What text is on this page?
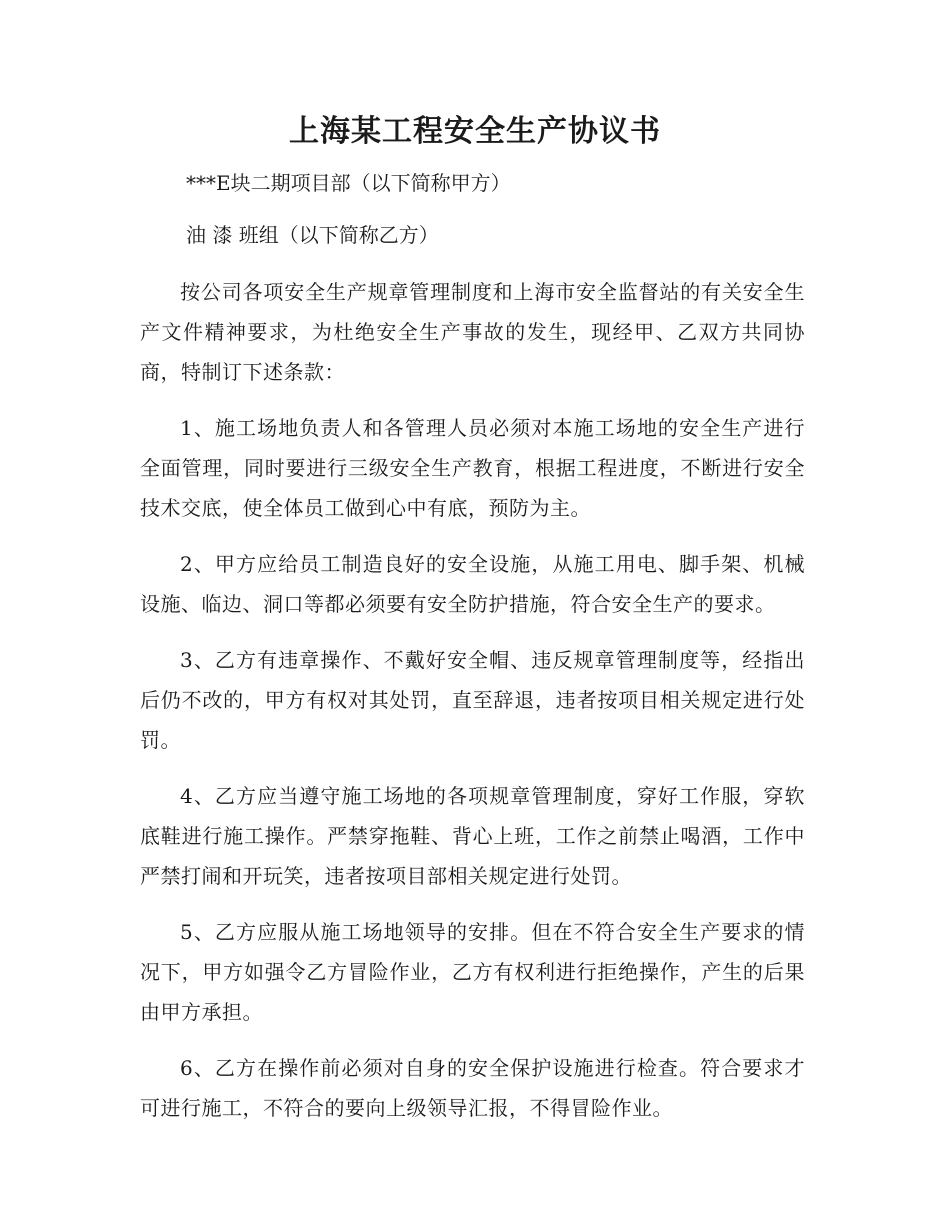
上海某工程安全生产协议书

***E块二期项目部（以下简称甲方）

油 漆 班组（以下简称乙方）

按公司各项安全生产规章管理制度和上海市安全监督站的有关安全生产文件精神要求，为杜绝安全生产事故的发生，现经甲、乙双方共同协商，特制订下述条款：

1、施工场地负责人和各管理人员必须对本施工场地的安全生产进行全面管理，同时要进行三级安全生产教育，根据工程进度，不断进行安全技术交底，使全体员工做到心中有底，预防为主。

2、甲方应给员工制造良好的安全设施，从施工用电、脚手架、机械设施、临边、洞口等都必须要有安全防护措施，符合安全生产的要求。

3、乙方有违章操作、不戴好安全帽、违反规章管理制度等，经指出后仍不改的，甲方有权对其处罚，直至辞退，违者按项目相关规定进行处罚。

4、乙方应当遵守施工场地的各项规章管理制度，穿好工作服，穿软底鞋进行施工操作。严禁穿拖鞋、背心上班，工作之前禁止喝酒，工作中严禁打闹和开玩笑，违者按项目部相关规定进行处罚。

5、乙方应服从施工场地领导的安排。但在不符合安全生产要求的情况下，甲方如强令乙方冒险作业，乙方有权利进行拒绝操作，产生的后果由甲方承担。

6、乙方在操作前必须对自身的安全保护设施进行检查。符合要求才可进行施工，不符合的要向上级领导汇报，不得冒险作业。
